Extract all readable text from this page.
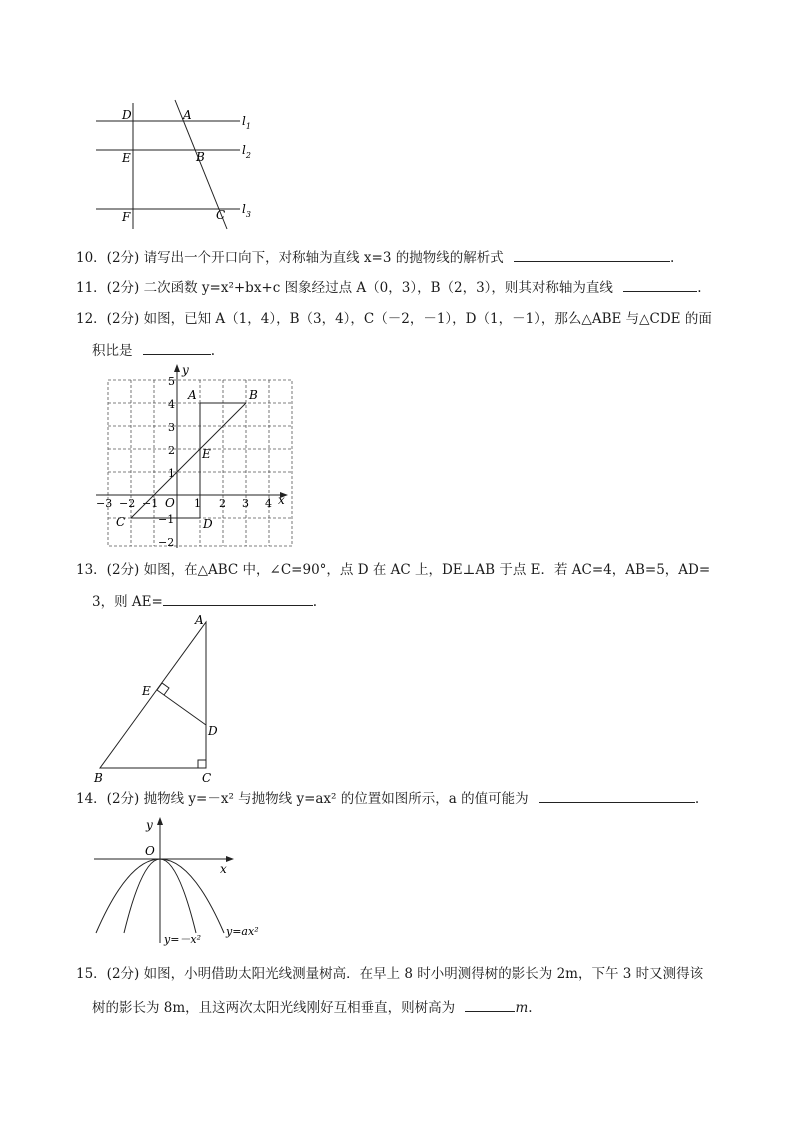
D	A
E	B
F	C
$l_1$
$l_2$
$l_3$
10．(2分) 请写出一个开口向下，对称轴为直线 x=3 的抛物线的解析式	.
11．(2分) 二次函数 y=x²+bx+c 图象经过点 A（0，3），B（2，3），则其对称轴为直线	.
12．(2分) 如图，已知 A（1，4），B（3，4），C（－2，－1），D（1，－1），那么△ABE 与△CDE 的面
积比是	.
x
y
O
−3 −2 −1	1 2 3 4
5
4
3
2
1
−1
−2
A	B
C	D
E
13．(2分) 如图，在△ABC 中，∠C=90°，点 D 在 AC 上，DE⊥AB 于点 E．若 AC=4，AB=5，AD=
3，则 AE=	.
A
B	C
D
E
14．(2分) 抛物线 y=－x² 与抛物线 y=ax² 的位置如图所示，a 的值可能为	.
y
x
O
y=－x²
y=ax²
15．(2分) 如图，小明借助太阳光线测量树高．在早上 8 时小明测得树的影长为 2m，下午 3 时又测得该
树的影长为 8m，且这两次太阳光线刚好互相垂直，则树高为	m.
